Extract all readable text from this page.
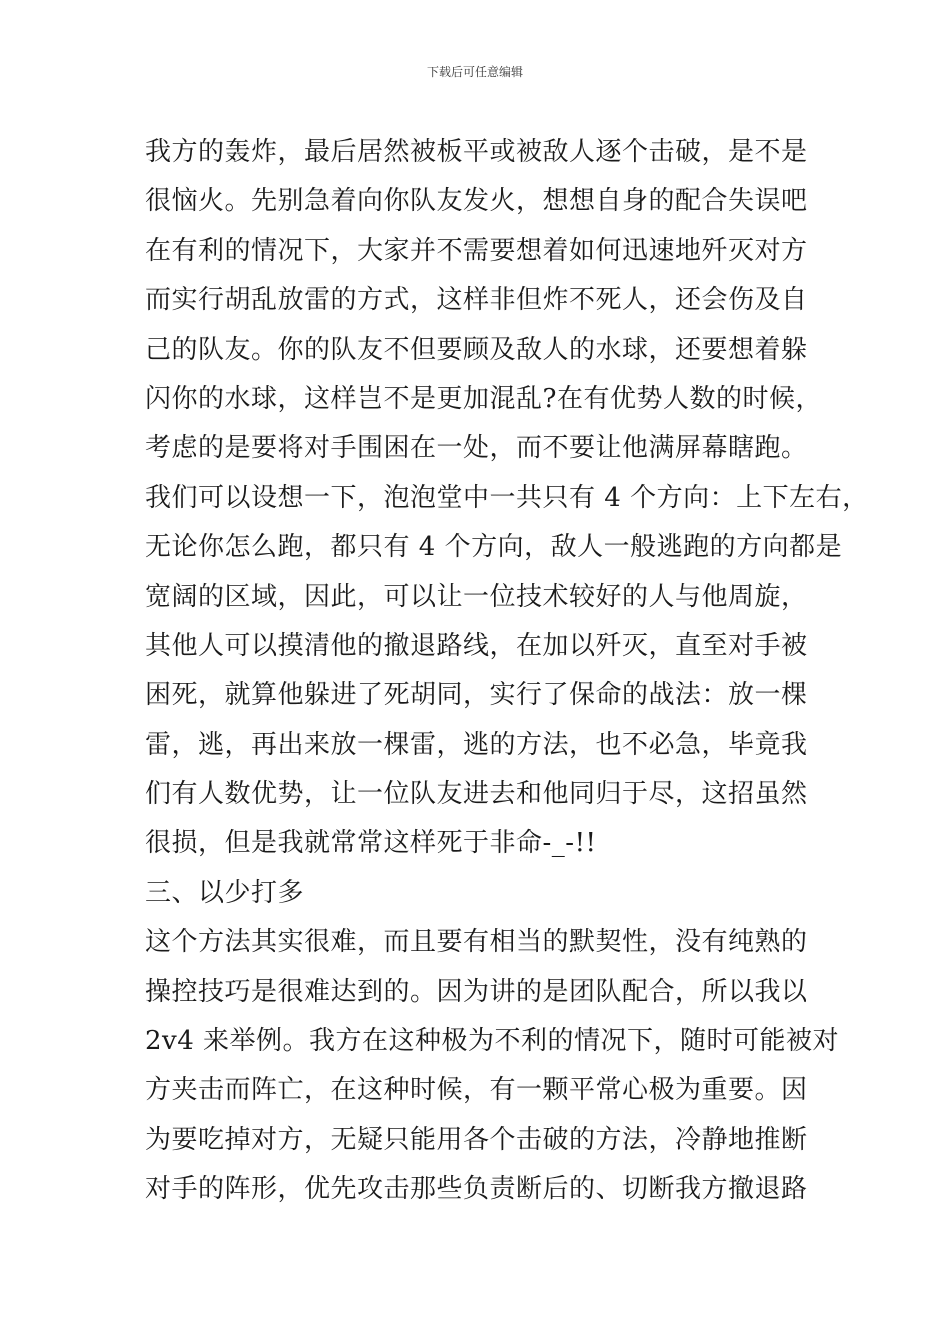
下载后可任意编辑
我方的轰炸，最后居然被板平或被敌人逐个击破，是不是
很恼火。先别急着向你队友发火，想想自身的配合失误吧
在有利的情况下，大家并不需要想着如何迅速地歼灭对方
而实行胡乱放雷的方式，这样非但炸不死人，还会伤及自
己的队友。你的队友不但要顾及敌人的水球，还要想着躲
闪你的水球，这样岂不是更加混乱?在有优势人数的时候，
考虑的是要将对手围困在一处，而不要让他满屏幕瞎跑。
我们可以设想一下，泡泡堂中一共只有 4 个方向：上下左右，
无论你怎么跑，都只有 4 个方向，敌人一般逃跑的方向都是
宽阔的区域，因此，可以让一位技术较好的人与他周旋，
其他人可以摸清他的撤退路线，在加以歼灭，直至对手被
困死，就算他躲进了死胡同，实行了保命的战法：放一棵
雷，逃，再出来放一棵雷，逃的方法，也不必急，毕竟我
们有人数优势，让一位队友进去和他同归于尽，这招虽然
很损，但是我就常常这样死于非命-_-!!
三、以少打多
这个方法其实很难，而且要有相当的默契性，没有纯熟的
操控技巧是很难达到的。因为讲的是团队配合，所以我以
2v4 来举例。我方在这种极为不利的情况下，随时可能被对
方夹击而阵亡，在这种时候，有一颗平常心极为重要。因
为要吃掉对方，无疑只能用各个击破的方法，冷静地推断
对手的阵形，优先攻击那些负责断后的、切断我方撤退路
